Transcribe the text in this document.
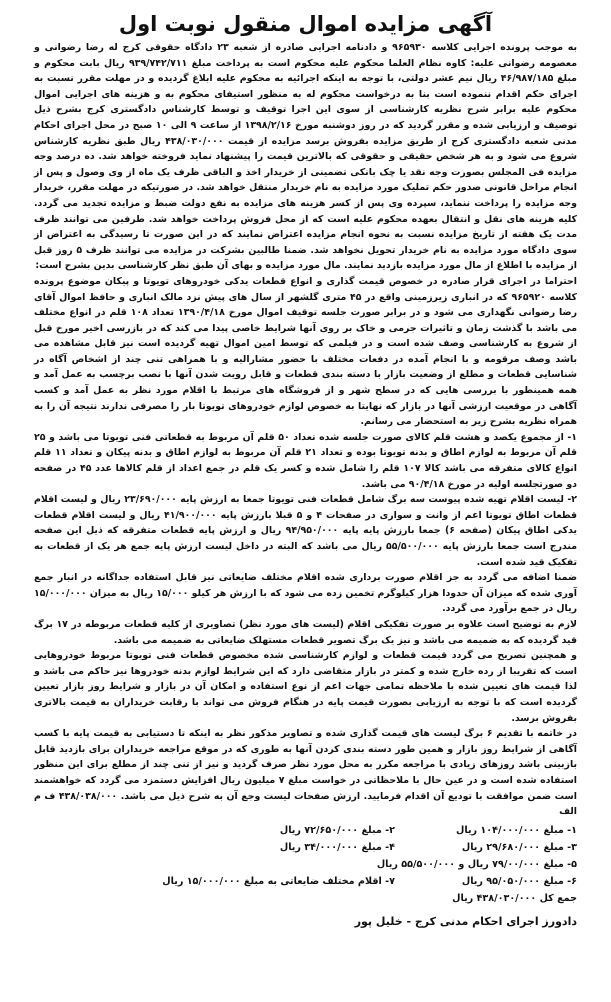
آگهی مزایده اموال منقول نوبت اول

به موجب پرونده اجرایی کلاسه ۹۶۵۹۳۰ و دادنامه اجرایی صادره از شعبه ۲۳ دادگاه حقوقی کرج له رضا رضوانی و معصومه رضوانی علیه: کاوه نظام العلما محکوم علیه محکوم است به پرداخت مبلغ ۹۳۹/۷۴۲/۷۱۱ ریال بابت محکوم و مبلغ ۴۶/۹۸۷/۱۸۵ ریال نیم عشر دولتی، با توجه به اینکه اجرائیه به محکوم علیه ابلاغ گردیده و در مهلت مقرر نسبت به اجرای حکم اقدام ننموده است بنا به درخواست محکوم له به منظور استیفای محکوم به و هزینه های اجرایی اموال محکوم علیه برابر شرح نظریه کارشناسی از سوی این اجرا توقیف و توسط کارشناس دادگستری کرج بشرح ذیل توصیف و ارزیابی شده و مقرر گردید که در روز دوشنبه مورخ ۱۳۹۸/۲/۱۶ از ساعت ۹ الی ۱۰ صبح در محل اجرای احکام مدنی شعبه دادگستری کرج از طریق مزایده بفروش برسد مزایده از قیمت ۴۳۸/۰۳۰/۰۰۰ ریال طبق نظریه کارشناس شروع می شود و به هر شخص حقیقی و حقوقی که بالاترین قیمت را پیشنهاد نماید فروخته خواهد شد. ده درصد وجه مزایده فی المجلس بصورت وجه نقد یا چک بانکی تضمینی از خریدار اخذ و الباقی ظرف یک ماه از وی وصول و پس از انجام مراحل قانونی صدور حکم تملیک مورد مزایده به نام خریدار منتقل خواهد شد. در صورتیکه در مهلت مقرر، خریدار وجه مزایده را پرداخت ننماید، سپرده وی پس از کسر هزینه های مزایده به نفع دولت ضبط و مزایده تجدید می گردد. کلیه هزینه های نقل و انتقال بعهده محکوم علیه است که از محل فروش پرداخت خواهد شد. طرفین می توانند ظرف مدت یک هفته از تاریخ مزایده نسبت به نحوه انجام مزایده اعتراض نمایند که در این صورت تا رسیدگی به اعتراض از سوی دادگاه مورد مزایده به نام خریدار تحویل نخواهد شد. ضمنا طالبین بشرکت در مزایده می توانند ظرف ۵ روز قبل از مزایده با اطلاع از مال مورد مزایده بازدید نمایند. مال مورد مزایده و بهای آن طبق نظر کارشناسی بدین بشرح است:

احتراما در اجرای قرار صادره در خصوص قیمت گذاری و انواع قطعات یدکی خودروهای تویوتا و پیکان موضوع پرونده کلاسه ۹۶۵۹۲۰ که در انباری زیرزمینی واقع در ۴۵ متری گلشهر از سال های پیش نزد مالک انباری و حافظ اموال آقای رضا رضوانی نگهداری می شود و در برابر صورت جلسه توقیف اموال مورخ ۱۳۹۰/۴/۱۸ تعداد ۱۰۸ قلم در انواع مختلف می باشد با گذشت زمان و تاثیرات جرمی و خاک بر روی آنها شرایط خاصی پیدا می کند که در بازرسی اخیر مورخ قبل از شروع به کارشناسی وصف شده است و در فیلمی که توسط امین اموال تهیه گردیده است نیز قابل مشاهده می باشد وصف مرقومه و با انجام آمده در دفعات مختلف با حضور مشارالیه و با همراهی تنی چند از اشخاص آگاه در شناسایی قطعات و مطلع از وضعیت بازار با دسته بندی قطعات و قابل رویت شدن آنها با نصب برچسب به عمل آمد و همه همینطور با بررسی هایی که در سطح شهر و از فروشگاه های مرتبط با اقلام مورد نظر به عمل آمد و کسب آگاهی در موقعیت ارزشی آنها در بازار که نهایتا به خصوص لوازم خودروهای تویوتا بار را مصرفی ندارند نتیجه آن را به همراه نظریه بشرح زیر به استحضار می رسانم.

۱- از مجموع یکصد و هشت قلم کالای صورت جلسه شده تعداد ۵۰ قلم آن مربوط به قطعاتی فنی تویوتا می باشد و ۲۵ قلم آن مربوط به لوازم اطاق و بدنه تویوتا بوده و تعداد ۲۱ قلم آن مربوط به لوازم اطاق و بدنه پیکان و تعداد ۱۱ قلم انواع کالای متفرقه می باشد کالا ۱۰۷ قلم را شامل شده و کسر یک قلم در جمع اعداد از قلم کالاها عدد ۴۵ در صفحه دو صورتجلسه اولیه در مورخ ۹۰/۴/۱۸ می باشد.

۲- لیست اقلام تهیه شده پیوست سه برگ شامل قطعات فنی تویوتا جمعا به ارزش پایه ۲۳/۶۹۰/۰۰۰ ریال و لیست اقلام قطعات اطاق تویوتا اعم از وانت و سواری در صفحات ۴ و ۵ قبلا بارزش پایه ۴۱/۹۰۰/۰۰۰ ریال و لیست اقلام قطعات یدکی اطاق پیکان (صفحه ۶) جمعا بارزش پایه پایه ۹۴/۹۵۰/۰۰۰ ریال و ارزش پایه قطعات متفرقه که ذیل این صفحه مندرج است جمعا بارزش پایه ۵۵/۵۰۰/۰۰۰ ریال می باشد که البته در داخل لیست ارزش پایه جمع هر یک از قطعات به تفکیک قید شده است.

ضمنا اضافه می گردد به جز اقلام صورت برداری شده اقلام مختلف ضایعاتی نیز قابل استفاده جداگانه در انبار جمع آوری شده که میزان آن حدودا هزار کیلوگرم تخمین زده می شود که با ارزش هر کیلو ۱۵/۰۰۰ ریال به میزان ۱۵/۰۰۰/۰۰۰ ریال در جمع برآورد می گردد.

لازم به توضیح است علاوه بر صورت تفکیکی اقلام (لیست های مورد نظر) تصاویری از کلیه قطعات مربوطه در ۱۷ برگ قید گردیده که به ضمیمه می باشد و نیز یک برگ تصویر قطعات مستهلک ضایعاتی به ضمیمه می باشد.

و همچنین تصریح می گردد قیمت قطعات و لوازم کارشناسی شده مخصوص قطعات فنی تویوتا مربوط خودروهایی است که تقریبا از رده خارج شده و کمتر در بازار متقاضی دارد که این شرایط لوازم بدنه خودروها نیز حاکم می باشد و لذا قیمت های تعیین شده با ملاحظه تمامی جهات اعم از نوع استفاده و امکان آن در بازار و شرایط روز بازار تعیین گردیده است که با توجه به ارزیابی بصورت قیمت پایه در هنگام فروش می تواند با رقابت خریداران به قیمت بالاتری بفروش برسد.

در خاتمه با تقدیم ۶ برگ لیست های قیمت گذاری شده و تصاویر مذکور نظر به اینکه تا دستیابی به قیمت پایه با کسب آگاهی از شرایط روز بازار و همین طور دسته بندی کردن آنها به طوری که در موقع مراجعه خریداران برای بازدید قابل بازبینی باشد روزهای زیادی با مراجعه مکرر به محل مورد نظر صرف گردید و نیز از تنی چند از مطلع برای این منظور استفاده شده است و در عین حال با ملاحظاتی در خواست مبلغ ۷ میلیون ریال افزایش دستمزد می گردد که خواهشمند است ضمن موافقت با تودیع آن اقدام فرمایید. ارزش صفحات لیست وجع آن به شرح ذیل می باشد. ۴۳۸/۰۳۸/۰۰۰ ف م الف

۱- مبلغ ۱۰۴/۰۰۰/۰۰۰ ریال
۲- مبلغ ۷۲/۶۵۰/۰۰۰ ریال
۳- مبلغ ۲۹/۶۸۰/۰۰۰ ریال
۴- مبلغ ۳۴/۰۰۰/۰۰۰ ریال
۵- مبلغ ۷۹/۰۰/۰۰۰ ریال و ۵۵/۵۰۰/۰۰۰ ریال
۶- مبلغ ۹۵/۰۵۰/۰۰۰ ریال
۷- اقلام مختلف ضایعاتی به مبلغ ۱۵/۰۰۰/۰۰۰ ریال
جمع کل ۴۳۸/۰۳۰/۰۰۰ ریال
دادورز اجرای احکام مدنی کرج - خلیل پور
